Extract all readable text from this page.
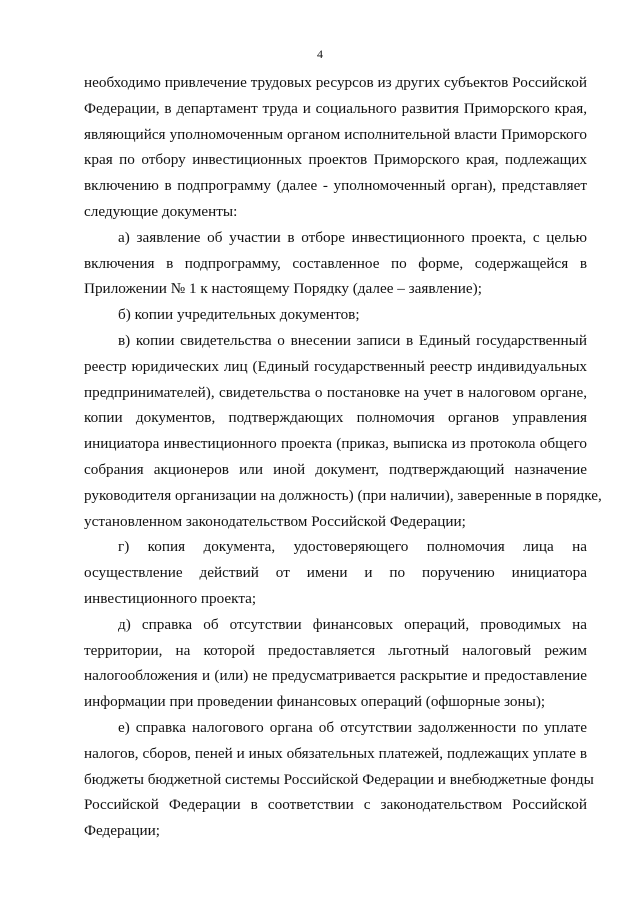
4
необходимо привлечение трудовых ресурсов из других субъектов Российской
Федерации, в департамент труда и социального развития Приморского края,
являющийся уполномоченным органом исполнительной власти Приморского
края по отбору инвестиционных проектов Приморского края, подлежащих
включению в подпрограмму (далее - уполномоченный орган), представляет
следующие документы:
а) заявление об участии в отборе инвестиционного проекта, с целью
включения в подпрограмму, составленное по форме, содержащейся в
Приложении № 1 к настоящему Порядку (далее – заявление);
б) копии учредительных документов;
в) копии свидетельства о внесении записи в Единый государственный
реестр юридических лиц (Единый государственный реестр индивидуальных
предпринимателей), свидетельства о постановке на учет в налоговом органе,
копии документов, подтверждающих полномочия органов управления
инициатора инвестиционного проекта (приказ, выписка из протокола общего
собрания акционеров или иной документ, подтверждающий назначение
руководителя организации на должность) (при наличии), заверенные в порядке,
установленном законодательством Российской Федерации;
г) копия документа, удостоверяющего полномочия лица на
осуществление действий от имени и по поручению инициатора
инвестиционного проекта;
д) справка об отсутствии финансовых операций, проводимых на
территории, на которой предоставляется льготный налоговый режим
налогообложения и (или) не предусматривается раскрытие и предоставление
информации при проведении финансовых операций (офшорные зоны);
е) справка налогового органа об отсутствии задолженности по уплате
налогов, сборов, пеней и иных обязательных платежей, подлежащих уплате в
бюджеты бюджетной системы Российской Федерации и внебюджетные фонды
Российской Федерации в соответствии с законодательством Российской
Федерации;
